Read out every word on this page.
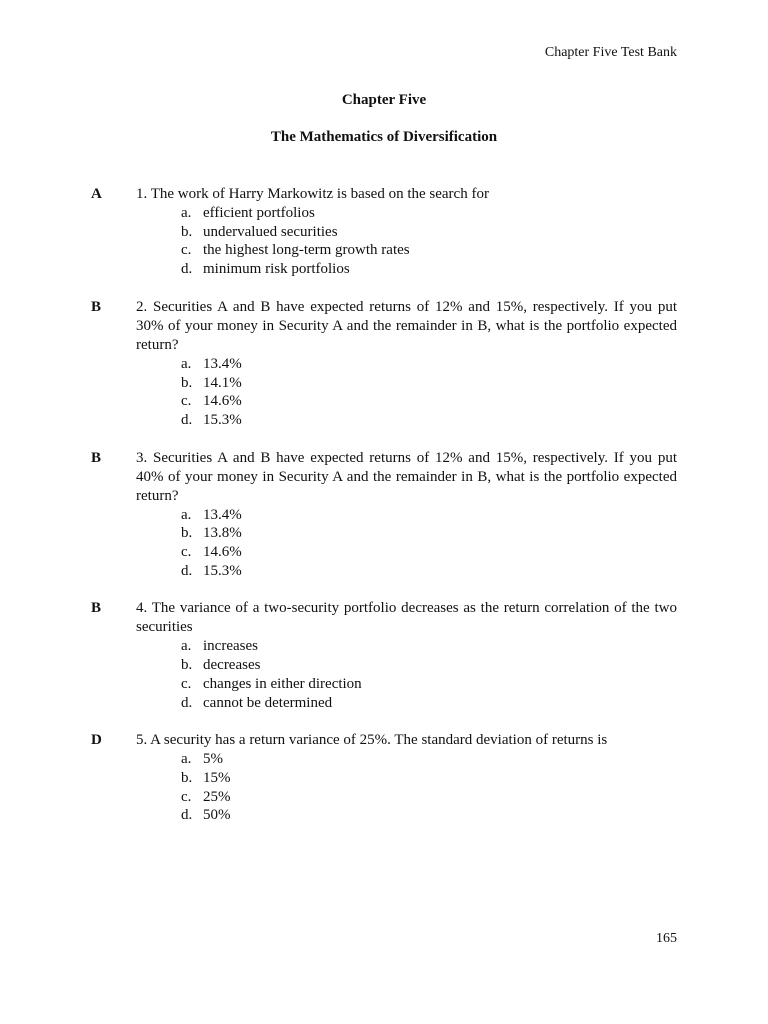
Chapter Five Test Bank
Chapter Five
The Mathematics of Diversification
A 1. The work of Harry Markowitz is based on the search for
a. efficient portfolios
b. undervalued securities
c. the highest long-term growth rates
d. minimum risk portfolios
B 2. Securities A and B have expected returns of 12% and 15%, respectively. If you put 30% of your money in Security A and the remainder in B, what is the portfolio expected return?
a. 13.4%
b. 14.1%
c. 14.6%
d. 15.3%
B 3. Securities A and B have expected returns of 12% and 15%, respectively. If you put 40% of your money in Security A and the remainder in B, what is the portfolio expected return?
a. 13.4%
b. 13.8%
c. 14.6%
d. 15.3%
B 4. The variance of a two-security portfolio decreases as the return correlation of the two securities
a. increases
b. decreases
c. changes in either direction
d. cannot be determined
D 5. A security has a return variance of 25%. The standard deviation of returns is
a. 5%
b. 15%
c. 25%
d. 50%
165
